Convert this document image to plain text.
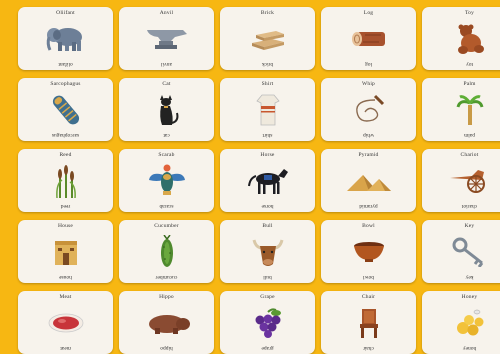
Oliifant
olifant
Anvil
anvil
Brick
brick
Log
log
Toy
toy
Sarcophagus
sarcophagus
Cat
cat
Shirt
shirt
Whip
whip
Palm
palm
Reed
reed
Scarab
scarab
Horse
horse
Pyramid
pyramid
Chariot
chariot
House
house
Cucumber
cucumber
Bull
bull
Bowl
bowl
Key
key
Meat
meat
Hippo
hippo
Grape
grape
Chair
chair
Honey
honey
